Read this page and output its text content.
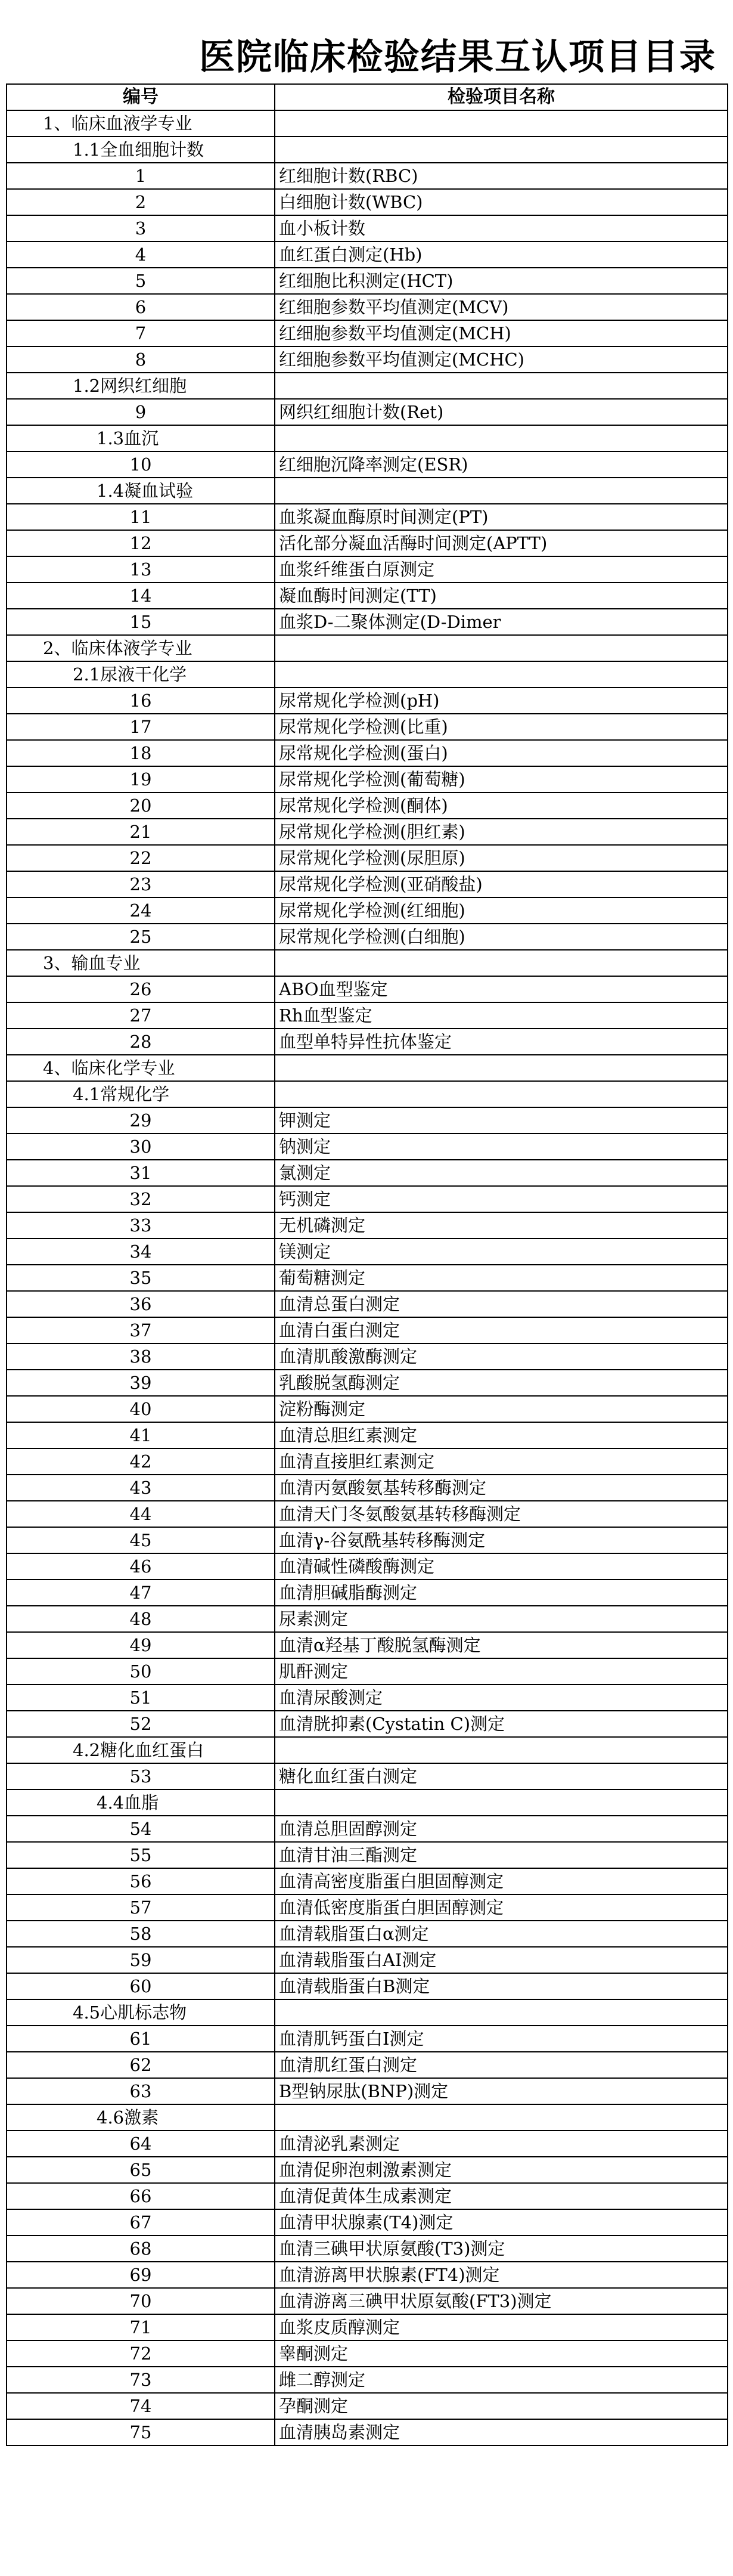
医院临床检验结果互认项目目录
编号	检验项目名称
1、临床血液学专业	
1.1全血细胞计数	
1	红细胞计数(RBC)
2	白细胞计数(WBC)
3	血小板计数
4	血红蛋白测定(Hb)
5	红细胞比积测定(HCT)
6	红细胞参数平均值测定(MCV)
7	红细胞参数平均值测定(MCH)
8	红细胞参数平均值测定(MCHC)
1.2网织红细胞	
9	网织红细胞计数(Ret)
1.3血沉	
10	红细胞沉降率测定(ESR)
1.4凝血试验	
11	血浆凝血酶原时间测定(PT)
12	活化部分凝血活酶时间测定(APTT)
13	血浆纤维蛋白原测定
14	凝血酶时间测定(TT)
15	血浆D-二聚体测定(D-Dimer
2、临床体液学专业	
2.1尿液干化学	
16	尿常规化学检测(pH)
17	尿常规化学检测(比重)
18	尿常规化学检测(蛋白)
19	尿常规化学检测(葡萄糖)
20	尿常规化学检测(酮体)
21	尿常规化学检测(胆红素)
22	尿常规化学检测(尿胆原)
23	尿常规化学检测(亚硝酸盐)
24	尿常规化学检测(红细胞)
25	尿常规化学检测(白细胞)
3、输血专业	
26	ABO血型鉴定
27	Rh血型鉴定
28	血型单特异性抗体鉴定
4、临床化学专业	
4.1常规化学	
29	钾测定
30	钠测定
31	氯测定
32	钙测定
33	无机磷测定
34	镁测定
35	葡萄糖测定
36	血清总蛋白测定
37	血清白蛋白测定
38	血清肌酸激酶测定
39	乳酸脱氢酶测定
40	淀粉酶测定
41	血清总胆红素测定
42	血清直接胆红素测定
43	血清丙氨酸氨基转移酶测定
44	血清天门冬氨酸氨基转移酶测定
45	血清γ-谷氨酰基转移酶测定
46	血清碱性磷酸酶测定
47	血清胆碱脂酶测定
48	尿素测定
49	血清α羟基丁酸脱氢酶测定
50	肌酐测定
51	血清尿酸测定
52	血清胱抑素(Cystatin C)测定
4.2糖化血红蛋白	
53	糖化血红蛋白测定
4.4血脂	
54	血清总胆固醇测定
55	血清甘油三酯测定
56	血清高密度脂蛋白胆固醇测定
57	血清低密度脂蛋白胆固醇测定
58	血清载脂蛋白α测定
59	血清载脂蛋白AI测定
60	血清载脂蛋白B测定
4.5心肌标志物	
61	血清肌钙蛋白I测定
62	血清肌红蛋白测定
63	B型钠尿肽(BNP)测定
4.6激素	
64	血清泌乳素测定
65	血清促卵泡刺激素测定
66	血清促黄体生成素测定
67	血清甲状腺素(T4)测定
68	血清三碘甲状原氨酸(T3)测定
69	血清游离甲状腺素(FT4)测定
70	血清游离三碘甲状原氨酸(FT3)测定
71	血浆皮质醇测定
72	睾酮测定
73	雌二醇测定
74	孕酮测定
75	血清胰岛素测定
